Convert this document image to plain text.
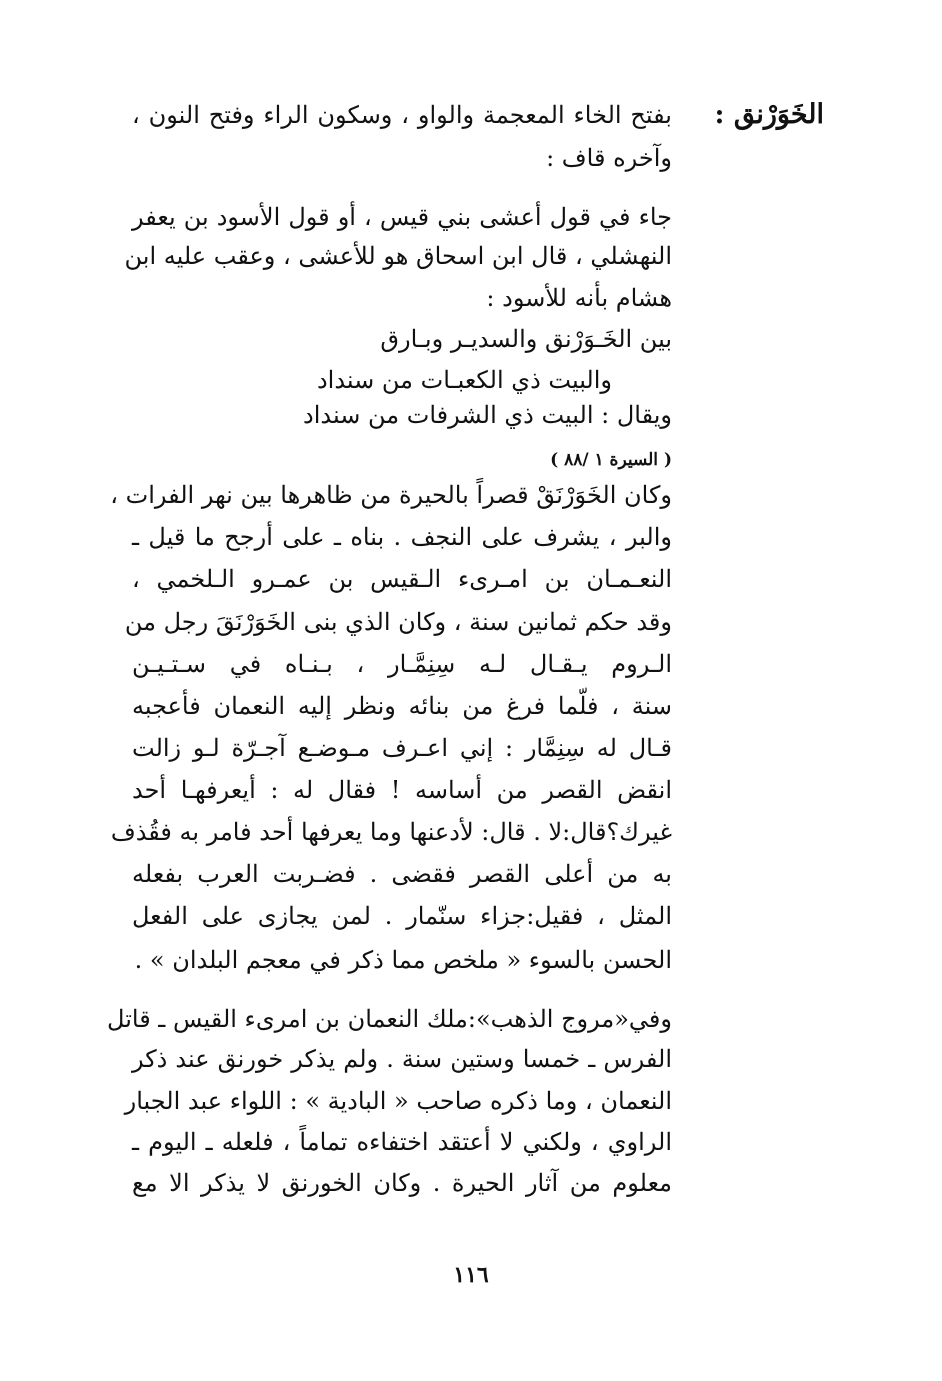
الخَوَرْنق :
بفتح الخاء المعجمة والواو ، وسكون الراء وفتح النون ،
وآخره قاف :
جاء في قول أعشى بني قيس ، أو قول الأسود بن يعفر
النهشلي ، قال ابن اسحاق هو للأعشى ، وعقب عليه ابن
هشام بأنه للأسود :
بين الخَـوَرْنق والسديـر وبـارق
والبيت ذي الكعبـات من سنداد
ويقال : البيت ذي الشرفات من سنداد
( السيرة ١ /٨٨ )
وكان الخَوَرْنَقْ قصراً بالحيرة من ظاهرها بين نهر الفرات ،
والبر ، يشرف على النجف . بناه ـ على أرجح ما قيل ـ
النعـمـان بن امـرىء الـقيس بن عمـرو الـلخمي ،
وقد حكم ثمانين سنة ، وكان الذي بنى الخَوَرْنَقَ رجل من
الـروم يـقـال لـه سِنِمَّـار ، بـنـاه في سـتـيـن
سنة ، فلّما فرغ من بنائه ونظر إليه النعمان فأعجبه
قـال له سِنِمَّار : إني اعـرف مـوضـع آجـرّة لـو زالت
انقض القصر من أساسه ! فقال له : أيعرفهـا أحد
غيرك؟قال:لا . قال: لأدعنها وما يعرفها أحد فامر به فقُذف
به من أعلى القصر فقضى . فضـربت العرب بفعله
المثل ، فقيل:جزاء سنّمار . لمن يجازى على الفعل
الحسن بالسوء « ملخص مما ذكر في معجم البلدان » .
وفي«مروج الذهب»:ملك النعمان بن امرىء القيس ـ قاتل
الفرس ـ خمسا وستين سنة . ولم يذكر خورنق عند ذكر
النعمان ، وما ذكره صاحب « البادية » : اللواء عبد الجبار
الراوي ، ولكني لا أعتقد اختفاءه تماماً ، فلعله ـ اليوم ـ
معلوم من آثار الحيرة . وكان الخورنق لا يذكر الا مع
١١٦
